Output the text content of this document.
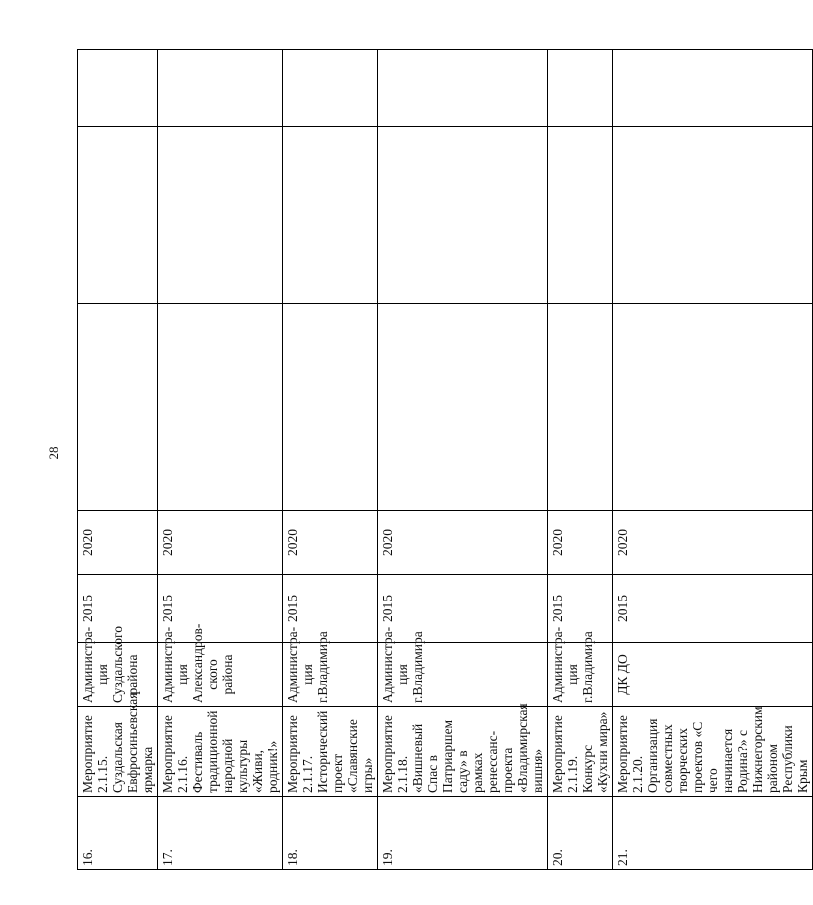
28
16.	Мероприятие 2.1.15. Суздальская Евфросиньевская ярмарка	Администра-ция Суздальского района	2015	2020			
17.	Мероприятие 2.1.16. Фестиваль традиционной народной культуры «Живи, родник!»	Администра-ция Александров-ского района	2015	2020			
18.	Мероприятие 2.1.17. Исторический проект «Славянские игры»	Администра-ция г.Владимира	2015	2020			
19.	Мероприятие 2.1.18. «Вишневый Спас в Патриаршем саду» в рамках ренессанс-проекта «Владимирская вишня»	Администра-ция г.Владимира	2015	2020			
20.	Мероприятие 2.1.19. Конкурс «Кухни мира»	Администра-ция г.Владимира	2015	2020			
21.	Мероприятие 2.1.20. Организация совместных творческих проектов «С чего начинается Родина?» с Нижнегорским районом Республики Крым	ДК ДО	2015	2020			
